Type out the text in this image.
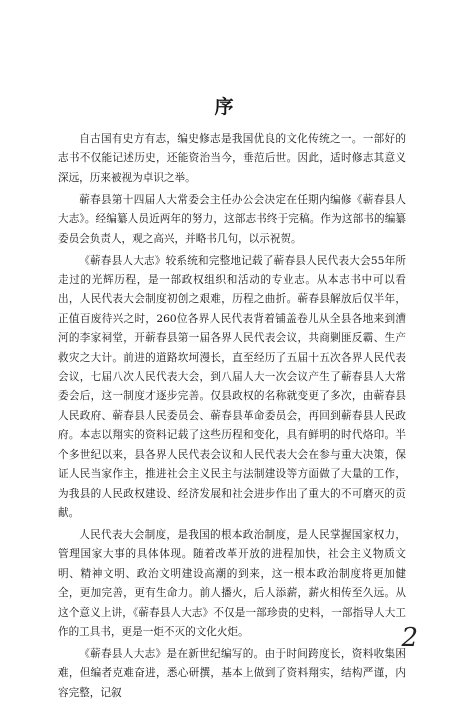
序

自古国有史方有志，编史修志是我国优良的文化传统之一。一部好的志书不仅能记述历史，还能资治当今，垂范后世。因此，适时修志其意义深远，历来被视为卓识之举。

蕲春县第十四届人大常委会主任办公会决定在任期内编修《蕲春县人大志》。经编纂人员近两年的努力，这部志书终于完稿。作为这部书的编纂委员会负责人，观之高兴，并略书几句，以示祝贺。

《蕲春县人大志》较系统和完整地记载了蕲春县人民代表大会55年所走过的光辉历程，是一部政权组织和活动的专业志。从本志书中可以看出，人民代表大会制度初创之艰难，历程之曲折。蕲春县解放后仅半年，正值百废待兴之时，260位各界人民代表背着铺盖卷儿从全县各地来到漕河的李家祠堂，开蕲春县第一届各界人民代表会议，共商剿匪反霸、生产救灾之大计。前进的道路坎坷漫长，直至经历了五届十五次各界人民代表会议，七届八次人民代表大会，到八届人大一次会议产生了蕲春县人大常委会后，这一制度才逐步完善。仅县政权的名称就变更了多次，由蕲春县人民政府、蕲春县人民委员会、蕲春县革命委员会，再回到蕲春县人民政府。本志以翔实的资料记载了这些历程和变化，具有鲜明的时代烙印。半个多世纪以来，县各界人民代表会议和人民代表大会在参与重大决策，保证人民当家作主，推进社会主义民主与法制建设等方面做了大量的工作，为我县的人民政权建设、经济发展和社会进步作出了重大的不可磨灭的贡献。

人民代表大会制度，是我国的根本政治制度，是人民掌握国家权力，管理国家大事的具体体现。随着改革开放的进程加快，社会主义物质文明、精神文明、政治文明建设高潮的到来，这一根本政治制度将更加健全，更加完善，更有生命力。前人播火，后人添薪，薪火相传至久远。从这个意义上讲，《蕲春县人大志》不仅是一部珍贵的史料，一部指导人大工作的工具书，更是一炬不灭的文化火炬。

《蕲春县人大志》是在新世纪编写的。由于时间跨度长，资料收集困难，但编者克难奋进，悉心研撰，基本上做到了资料翔实，结构严谨，内容完整，记叙

2
